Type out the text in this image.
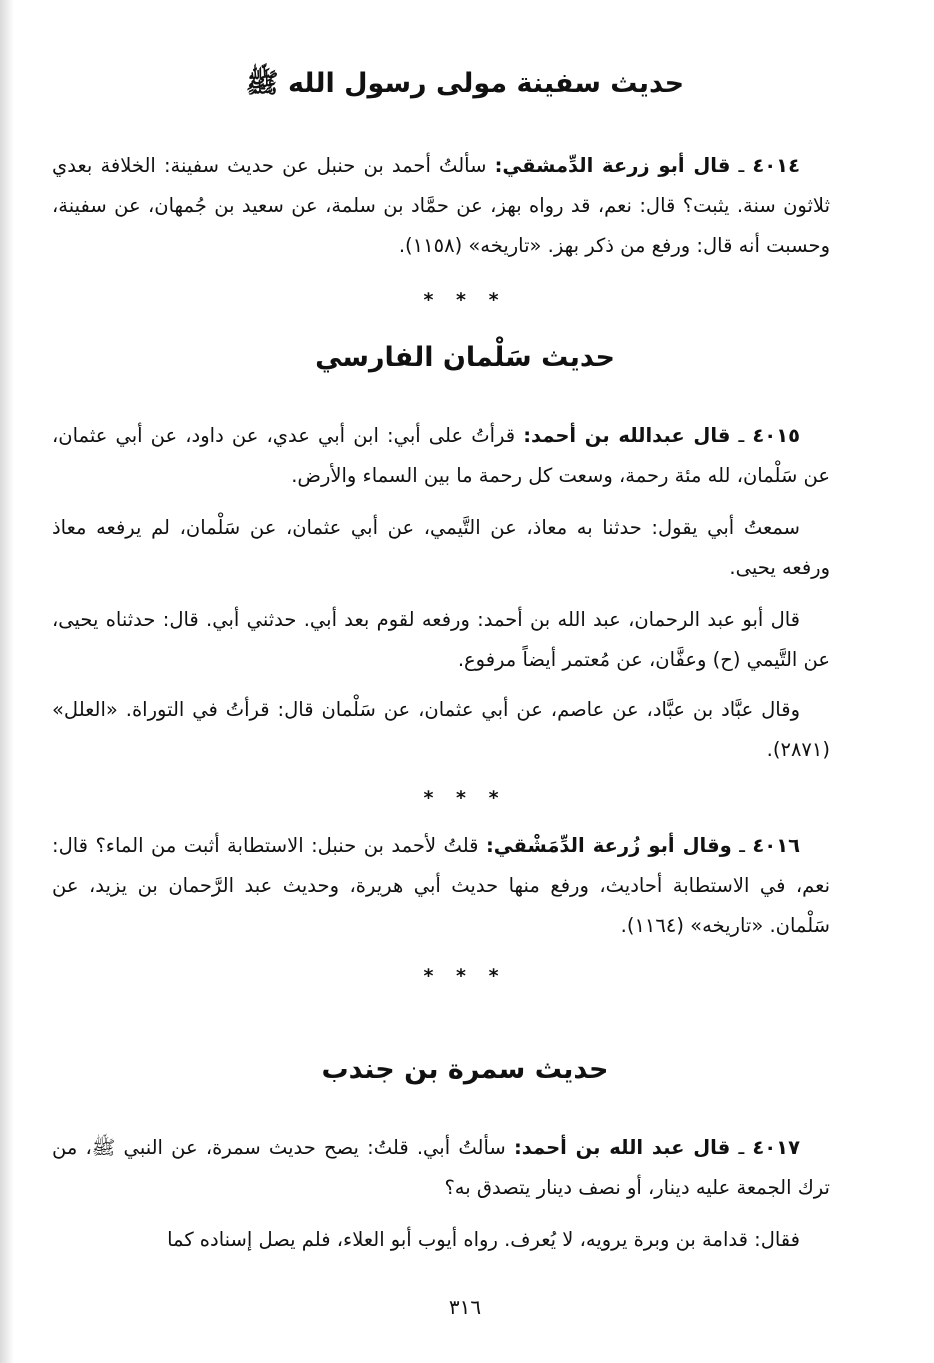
حديث سفينة مولى رسول الله ﷺ

٤٠١٤ ـ قال أبو زرعة الدِّمشقي: سألتُ أحمد بن حنبل عن حديث سفينة: الخلافة بعدي ثلاثون سنة. يثبت؟ قال: نعم، قد رواه بهز، عن حمَّاد بن سلمة، عن سعيد بن جُمهان، عن سفينة، وحسبت أنه قال: ورفع من ذكر بهز. «تاريخه» (١١٥٨).

* * *
حديث سَلْمان الفارسي

٤٠١٥ ـ قال عبدالله بن أحمد: قرأتُ على أبي: ابن أبي عدي، عن داود، عن أبي عثمان، عن سَلْمان، لله مئة رحمة، وسعت كل رحمة ما بين السماء والأرض.

سمعتُ أبي يقول: حدثنا به معاذ، عن التَّيمي، عن أبي عثمان، عن سَلْمان، لم يرفعه معاذ ورفعه يحيى.

قال أبو عبد الرحمان، عبد الله بن أحمد: ورفعه لقوم بعد أبي. حدثني أبي. قال: حدثناه يحيى، عن التَّيمي (ح) وعفَّان، عن مُعتمر أيضاً مرفوع.

وقال عبَّاد بن عبَّاد، عن عاصم، عن أبي عثمان، عن سَلْمان قال: قرأتُ في التوراة. «العلل» (٢٨٧١).

* * *

٤٠١٦ ـ وقال أبو زُرعة الدِّمَشْقي: قلتُ لأحمد بن حنبل: الاستطابة أثبت من الماء؟ قال: نعم، في الاستطابة أحاديث، ورفع منها حديث أبي هريرة، وحديث عبد الرَّحمان بن يزيد، عن سَلْمان. «تاريخه» (١١٦٤).

* * *
حديث سمرة بن جندب

٤٠١٧ ـ قال عبد الله بن أحمد: سألتُ أبي. قلتُ: يصح حديث سمرة، عن النبي ﷺ، من ترك الجمعة عليه دينار، أو نصف دينار يتصدق به؟

فقال: قدامة بن وبرة يرويه، لا يُعرف. رواه أيوب أبو العلاء، فلم يصل إسناده كما

٣١٦
